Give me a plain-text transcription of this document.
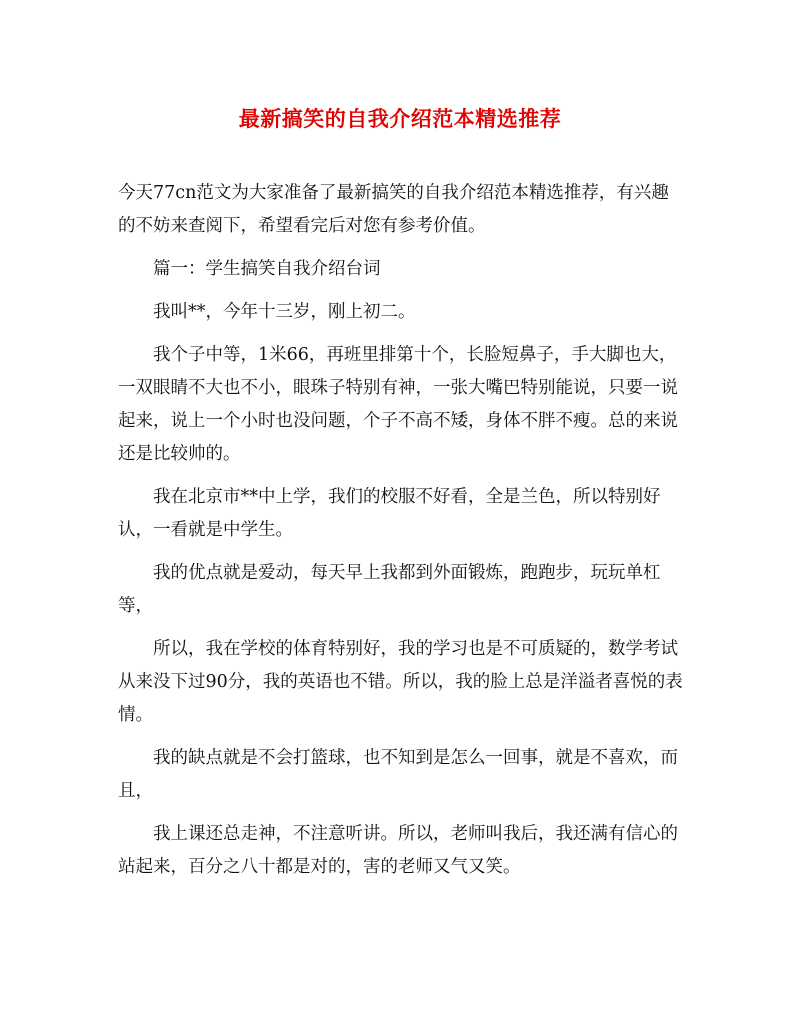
最新搞笑的自我介绍范本精选推荐

今天77cn范文为大家准备了最新搞笑的自我介绍范本精选推荐，有兴趣的不妨来查阅下，希望看完后对您有参考价值。

篇一：学生搞笑自我介绍台词

我叫**，今年十三岁，刚上初二。

我个子中等，1米66，再班里排第十个，长脸短鼻子，手大脚也大，一双眼睛不大也不小，眼珠子特别有神，一张大嘴巴特别能说，只要一说起来，说上一个小时也没问题，个子不高不矮，身体不胖不瘦。总的来说还是比较帅的。

我在北京市**中上学，我们的校服不好看，全是兰色，所以特别好认，一看就是中学生。

我的优点就是爱动，每天早上我都到外面锻炼，跑跑步，玩玩单杠等，

所以，我在学校的体育特别好，我的学习也是不可质疑的，数学考试从来没下过90分，我的英语也不错。所以，我的脸上总是洋溢者喜悦的表情。

我的缺点就是不会打篮球，也不知到是怎么一回事，就是不喜欢，而且，

我上课还总走神，不注意听讲。所以，老师叫我后，我还满有信心的站起来，百分之八十都是对的，害的老师又气又笑。
